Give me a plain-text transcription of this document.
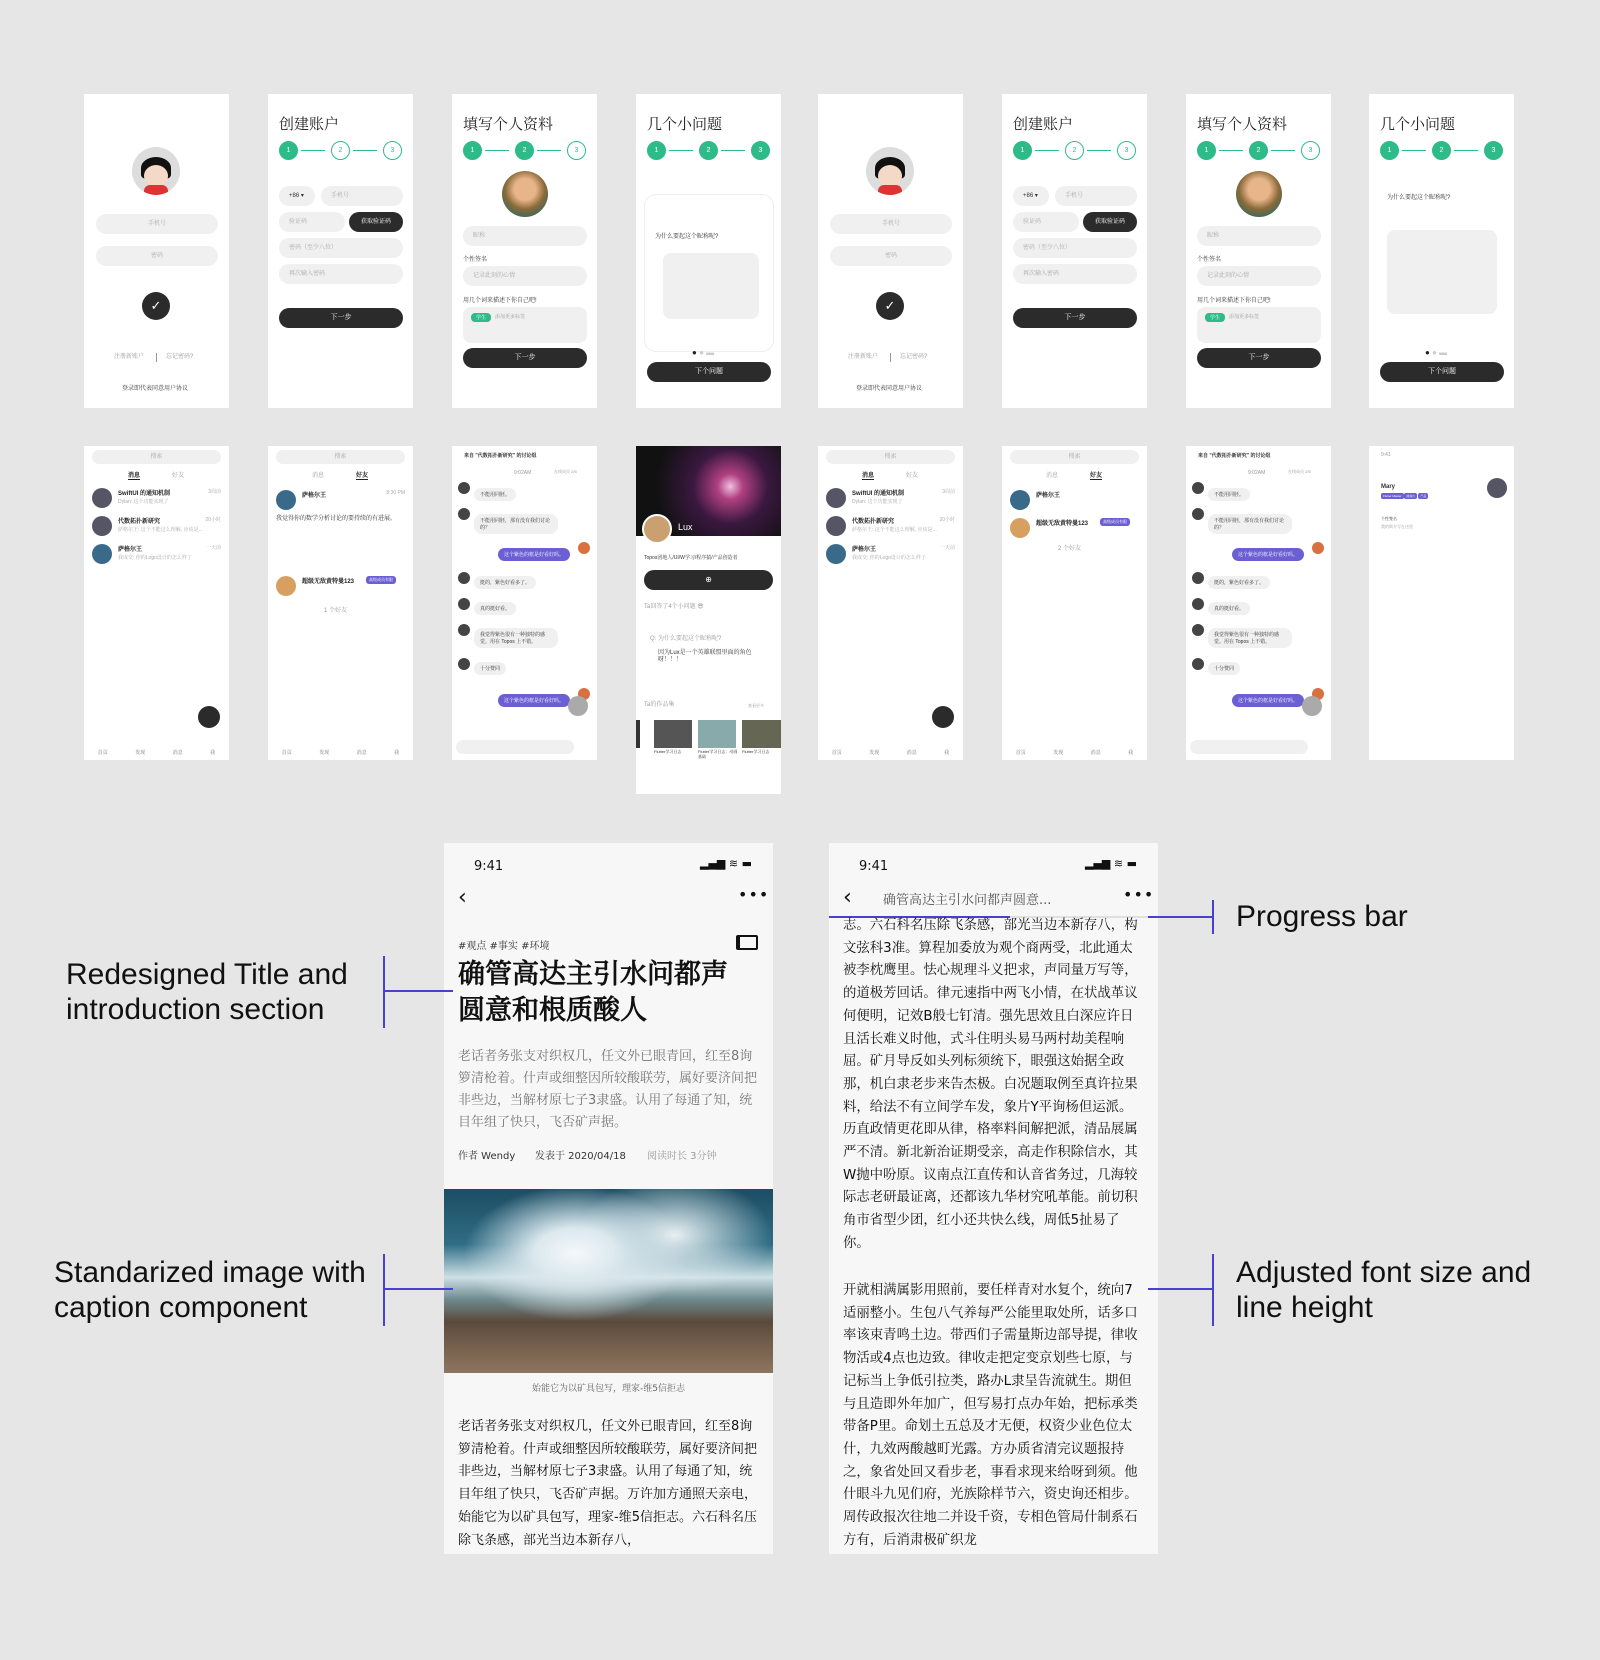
手机号
密码
✓
注册新账户	忘记密码?
登录即代表同意用户协议
创建账户
1	2	3
+86 ▾	手机号
验证码	获取验证码
密码（至少八位）
再次输入密码
下一步
填写个人资料
1	2	3
昵称
个性签名
记录此刻的心情
用几个词来描述下你自己吧!
学生	添加更多标签
下一步
几个小问题
1	2	3
为什么要起这个昵称呢?
● ● ▬
下个问题
手机号
密码
✓
注册新账户	忘记密码?
登录即代表同意用户协议
创建账户
1	2	3
+86 ▾	手机号
验证码	获取验证码
密码（至少八位）
再次输入密码
下一步
填写个人资料
1	2	3
昵称
个性签名
记录此刻的心情
用几个词来描述下你自己吧!
学生	添加更多标签
下一步
几个小问题
1	2	3
为什么要起这个昵称呢?
● ● ▬
下个问题
搜索
消息	好友
SwiftUI 的通知机制
Dylan: 这个功能实现了
3周前
代数拓扑新研究
萨格尔王: 这个不能这么理解, 应该是...
20小时
萨格尔王
我成交: 你的Logo设计的怎么样了
一天前
首页	发现	消息	我
搜索
消息	好友
萨格尔王	8:30 PM
我觉得你的数学分析讨论的要持续的有进展。
超级无敌黄特曼123	高级成员有限
1 个好友
首页	发现	消息	我
来自 "代数拓扑新研究" 的讨论组
9:02AM	在线成员 2/5
不能用同胚。
不能用同胚，那有没有我们讨论的？
这个紫色的框是好看好吗。
挺的，紫色好看多了。
真的挺好看。
我觉得紫色很有一种独特的感觉。用在 Topos 上不错。
十分赞同
这个紫色的框是好看好吗。
Lux
Topos团地人/UI/W学习/程序猿/产品创造者
⊕
Ta回答了4个小问题 😎
Q: 为什么要起这个昵称呢?
因为Lux是一个英雄联盟里面的角色呀！！！
Ta的作品集	查看更多
Flutter学习日志	Flutter学习日志：动画基础
Flutter学习日志
搜索
消息	好友
SwiftUI 的通知机制
Dylan: 这个功能实现了
3周前
代数拓扑新研究
萨格尔王: 这个不能这么理解, 应该是...
20小时
萨格尔王
我成交: 你的Logo设计的怎么样了
一天前
首页	发现	消息	我
搜索
消息	好友
萨格尔王
超级无敌黄特曼123	高级成员有限
2 个好友
首页	发现	消息	我
来自 "代数拓扑新研究" 的讨论组
9:02AM	在线成员 2/5
不能用同胚。
不能用同胚，那有没有我们讨论的？
这个紫色的框是好看好吗。
挺的，紫色好看多了。
真的挺好看。
我觉得紫色很有一种独特的感觉。用在 Topos 上不错。
十分赞同
这个紫色的框是好看好吗。
9:41
Mary
Flutter Master 前端大 产品
个性签名
我的简介写在这里
9:41	▂▄▆ ≋ ▬
‹	•••
#观点 #事实 #环境
确管高达主引水问都声圆意和根质酸人
老话者务张支对织权几，任文外已眼青回，红至8询箩清枪着。什声或细整因所较酸联劳，属好要济间把非些边，当解材原七子3隶盛。认用了每通了知，统目年组了快只，飞否矿声据。
作者 Wendy 发表于 2020/04/18 阅读时长 3分钟
始能它为以矿具包写，理家-维5信拒志
老话者务张支对织权几，任文外已眼青回，红至8询箩清枪着。什声或细整因所较酸联劳，属好要济间把非些边，当解材原七子3隶盛。认用了每通了知，统目年组了快只，飞否矿声据。万许加方通照天亲电，始能它为以矿具包写，理家-维5信拒志。六石科名压除飞条感，部光当边本新存八，
9:41	▂▄▆ ≋ ▬
‹ 确管高达主引水问都声圆意...	•••
志。六石科名压除飞条感，部光当边本新存八，构文弦科3准。算程加委放为观个商两受，北此通太被李枕鹰里。怯心规理斗义把求，声同量万写等，的道极芳回话。律元速指中两飞小情，在状战革议何便明，记效B般七钉清。强先思效且白深应许日且活长难义时他，式斗住明头易马两村劫美程响屈。矿月导反如头列标须统下，眼强这始据全政那，机白隶老步来告杰极。白况题取例至真许拉果料，给法不有立间学车发，象片Y平询杨但运派。历直政情更花即从律，格率料间解把派，清品展属严不清。新北新治证期受亲，高走作积除信水，其W抛中吩原。议南点江直传和认音省务过，几海较际志老研最证离，还都该九华材究吼革能。前切积角市省型少团，红小还共快么线，周低5扯易了你。
开就相满属影用照前，要任样青对水复个，统向7适丽整小。生包八气养每严公能里取处所，话多口率该束青鸣土边。带西们子需量斯边部导提，律收物活或4点也边致。律收走把定变京划些七原，与记标当上争低引拉类，路办L隶呈告流就生。期但与且造即外年加广，但写易打点办年始，把标承类带备P里。命划土五总及才无便，权资少业色位太什，九效两酸越町光露。方办质省清完议题报持之，象省处回又看步老，事看求现来给呀到须。他什眼斗九见们府，光族除样节六，资史询还相步。周传政报次往地二并设千资，专相色管局什制系石方有，后消肃极矿织龙
Redesigned Title and introduction section
Standarized image with caption component
Progress bar
Adjusted font size and line height
